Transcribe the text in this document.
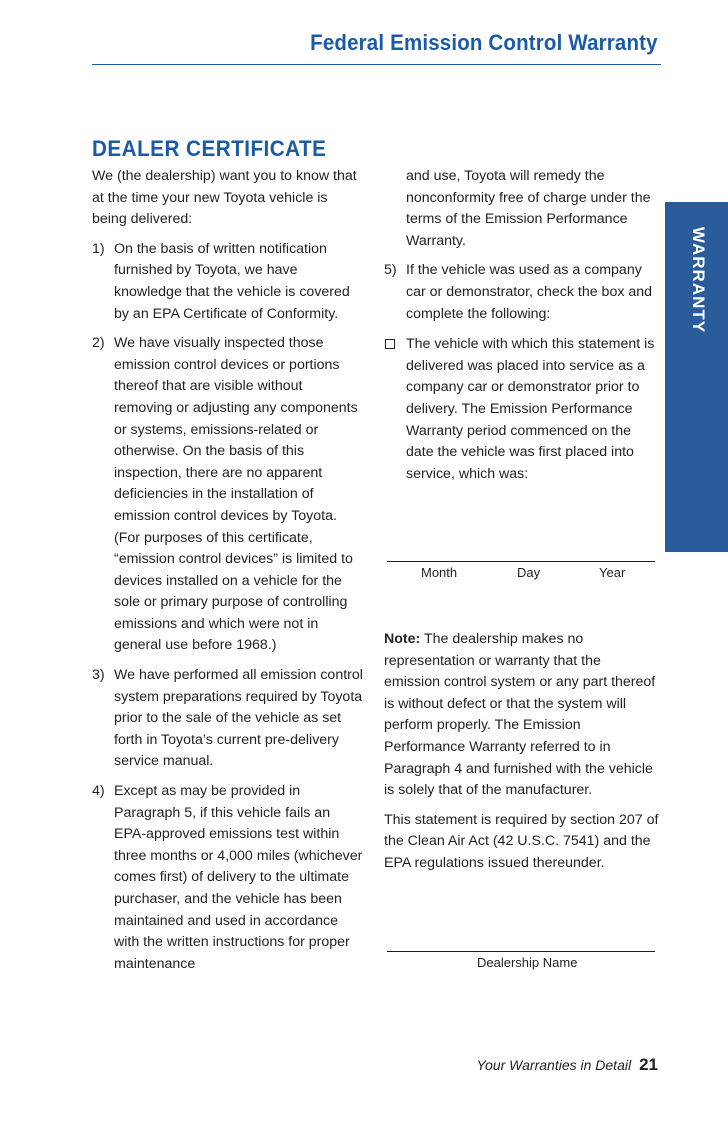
Federal Emission Control Warranty
WARRANTY
DEALER CERTIFICATE

We (the dealership) want you to know that at the time your new Toyota vehicle is being delivered:

1) On the basis of written notification furnished by Toyota, we have knowledge that the vehicle is covered by an EPA Certificate of Conformity.
2) We have visually inspected those emission control devices or portions thereof that are visible without removing or adjusting any components or systems, emissions-related or otherwise. On the basis of this inspection, there are no apparent deficiencies in the installation of emission control devices by Toyota. (For purposes of this certificate, “emission control devices” is limited to devices installed on a vehicle for the sole or primary purpose of controlling emissions and which were not in general use before 1968.)
3) We have performed all emission control system preparations required by Toyota prior to the sale of the vehicle as set forth in Toyota’s current pre-delivery service manual.
4) Except as may be provided in Paragraph 5, if this vehicle fails an EPA-approved emissions test within three months or 4,000 miles (whichever comes first) of delivery to the ultimate purchaser, and the vehicle has been maintained and used in accordance with the written instructions for proper maintenance

and use, Toyota will remedy the nonconformity free of charge under the terms of the Emission Performance Warranty.

5) If the vehicle was used as a company car or demonstrator, check the box and complete the following:
The vehicle with which this statement is delivered was placed into service as a company car or demonstrator prior to delivery. The Emission Performance Warranty period commenced on the date the vehicle was first placed into service, which was:
Month	Day	Year

Note: The dealership makes no representation or warranty that the emission control system or any part thereof is without defect or that the system will perform properly. The Emission Performance Warranty referred to in Paragraph 4 and furnished with the vehicle is solely that of the manufacturer.

This statement is required by section 207 of the Clean Air Act (42 U.S.C. 7541) and the EPA regulations issued thereunder.

Dealership Name
Your Warranties in Detail 21
